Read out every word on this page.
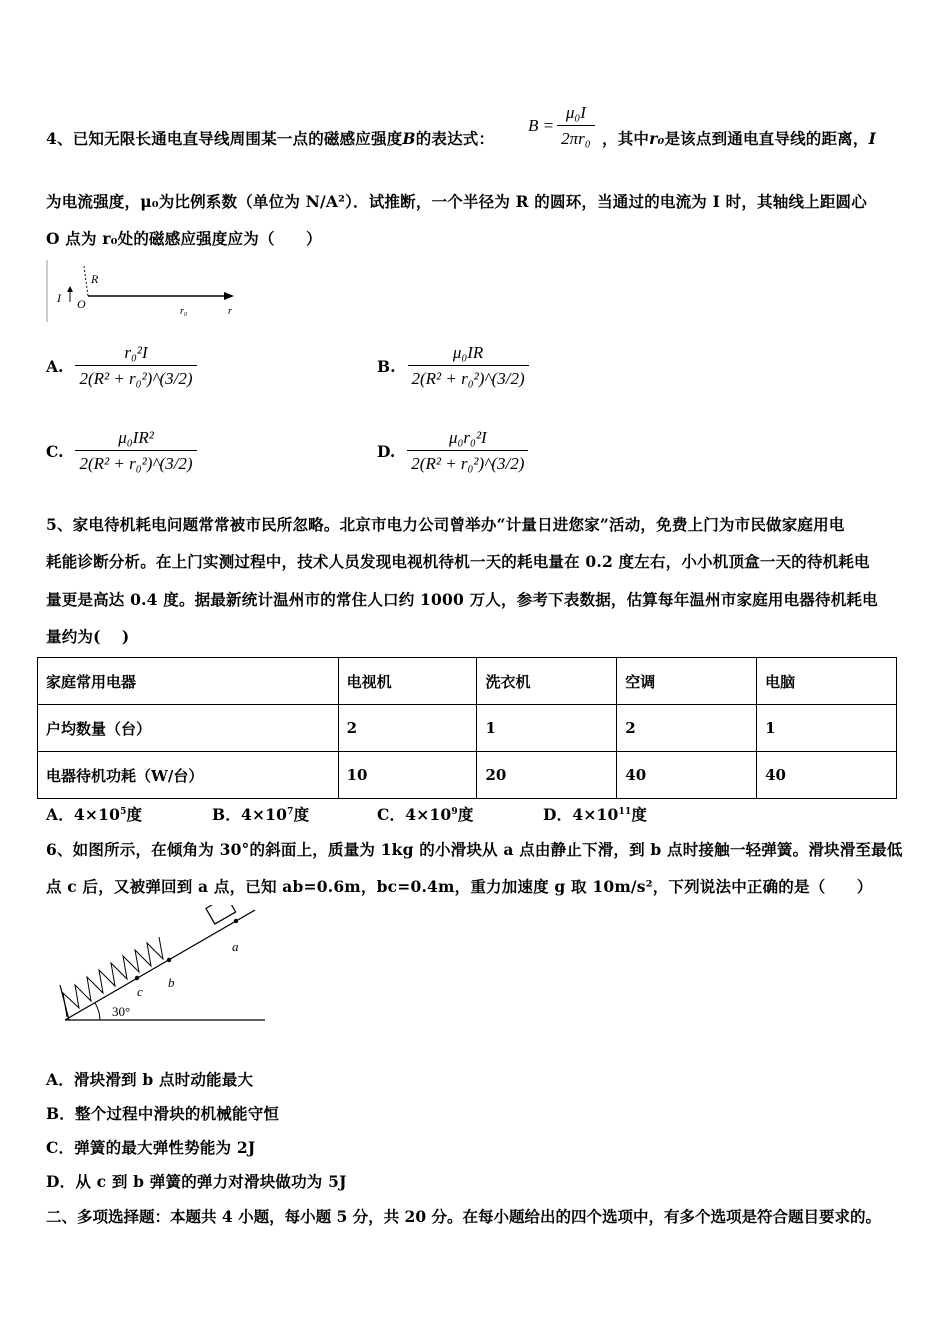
4、已知无限长通电直导线周围某一点的磁感应强度B的表达式：
$B = \frac{\text{μ₀I}}{\text{2πr₀}}$ ，其中r₀是该点到通电直导线的距离，I
为电流强度，μ₀为比例系数（单位为 N/A²）．试推断，一个半径为 R 的圆环，当通过的电流为 I 时，其轴线上距圆心
O 点为 r₀处的磁感应强度应为（　　）
I O
R
r₀	r
A. $\frac{\text{r₀²I}}{\text{2(R² + r₀²)\textasciicircum{}(3/2)}}$	B. $\frac{\text{μ₀IR}}{\text{2(R² + r₀²)\textasciicircum{}(3/2)}}$
C. $\frac{\text{μ₀IR²}}{\text{2(R² + r₀²)\textasciicircum{}(3/2)}}$	D. $\frac{\text{μ₀r₀²I}}{\text{2(R² + r₀²)\textasciicircum{}(3/2)}}$
5、家电待机耗电问题常常被市民所忽略。北京市电力公司曾举办“计量日进您家”活动，免费上门为市民做家庭用电
耗能诊断分析。在上门实测过程中，技术人员发现电视机待机一天的耗电量在 0.2 度左右，小小机顶盒一天的待机耗电
量更是高达 0.4 度。据最新统计温州市的常住人口约 1000 万人，参考下表数据，估算每年温州市家庭用电器待机耗电
量约为(　 )
家庭常用电器	电视机	洗衣机	空调	电脑
户均数量（台）	2	1	2	1
电器待机功耗（W/台）	10	20	40	40
A．$4\times 10^5$度	B．$4\times 10^7$度	C．$4\times 10^9$度	D．$4\times 10^{11}$度
6、如图所示，在倾角为 30°的斜面上，质量为 1kg 的小滑块从 a 点由静止下滑，到 b 点时接触一轻弹簧。滑块滑至最低
点 c 后，又被弹回到 a 点，已知 ab=0.6m，bc=0.4m，重力加速度 g 取 10m/s²，下列说法中正确的是（　　）
c
b
a
30°
A．滑块滑到 b 点时动能最大
B．整个过程中滑块的机械能守恒
C．弹簧的最大弹性势能为 2J
D．从 c 到 b 弹簧的弹力对滑块做功为 5J
二、多项选择题：本题共 4 小题，每小题 5 分，共 20 分。在每小题给出的四个选项中，有多个选项是符合题目要求的。
